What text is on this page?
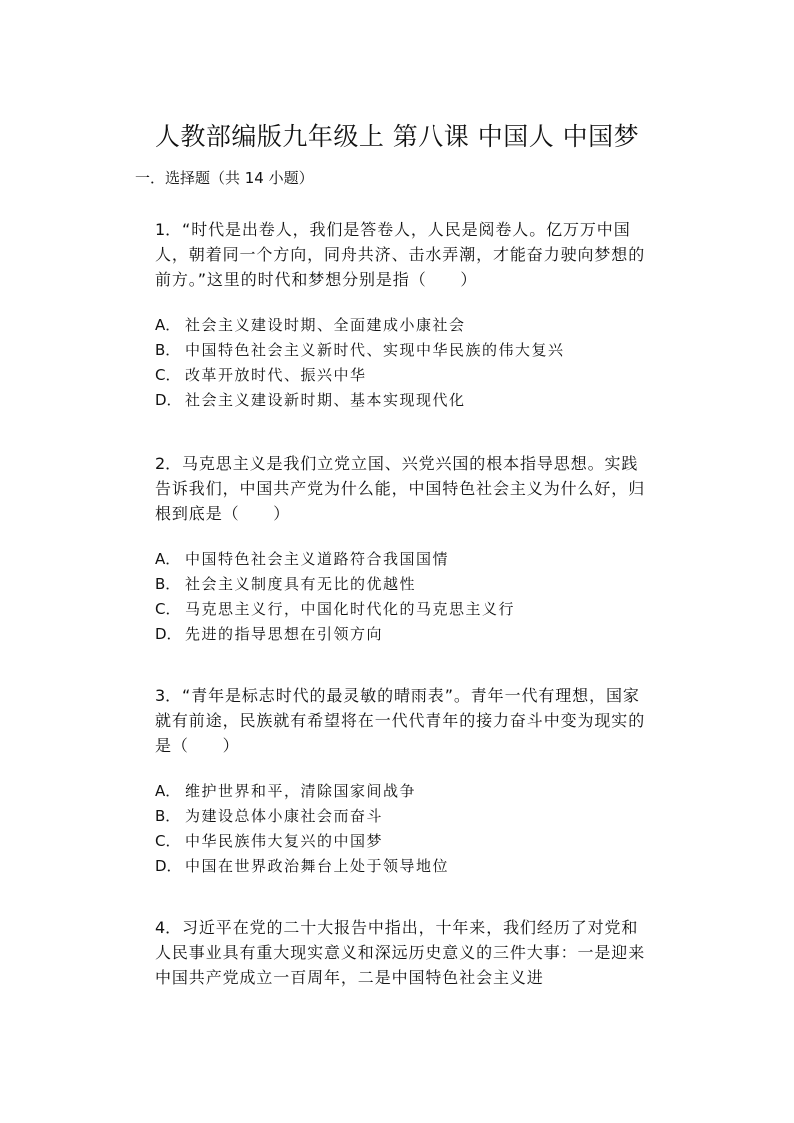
人教部编版九年级上 第八课 中国人 中国梦

一．选择题（共 14 小题）

1．“时代是出卷人，我们是答卷人，人民是阅卷人。亿万万中国人，朝着同一个方向，同舟共济、击水弄潮，才能奋力驶向梦想的前方。”这里的时代和梦想分别是指（　　）

A． 社会主义建设时期、全面建成小康社会
B． 中国特色社会主义新时代、实现中华民族的伟大复兴
C． 改革开放时代、振兴中华
D． 社会主义建设新时期、基本实现现代化

2．马克思主义是我们立党立国、兴党兴国的根本指导思想。实践告诉我们，中国共产党为什么能，中国特色社会主义为什么好，归根到底是（　　）

A． 中国特色社会主义道路符合我国国情
B． 社会主义制度具有无比的优越性
C． 马克思主义行，中国化时代化的马克思主义行
D． 先进的指导思想在引领方向

3．“青年是标志时代的最灵敏的晴雨表”。青年一代有理想，国家就有前途，民族就有希望将在一代代青年的接力奋斗中变为现实的是（　　）

A． 维护世界和平，清除国家间战争
B． 为建设总体小康社会而奋斗
C． 中华民族伟大复兴的中国梦
D． 中国在世界政治舞台上处于领导地位

4．习近平在党的二十大报告中指出，十年来，我们经历了对党和人民事业具有重大现实意义和深远历史意义的三件大事：一是迎来中国共产党成立一百周年，二是中国特色社会主义进
